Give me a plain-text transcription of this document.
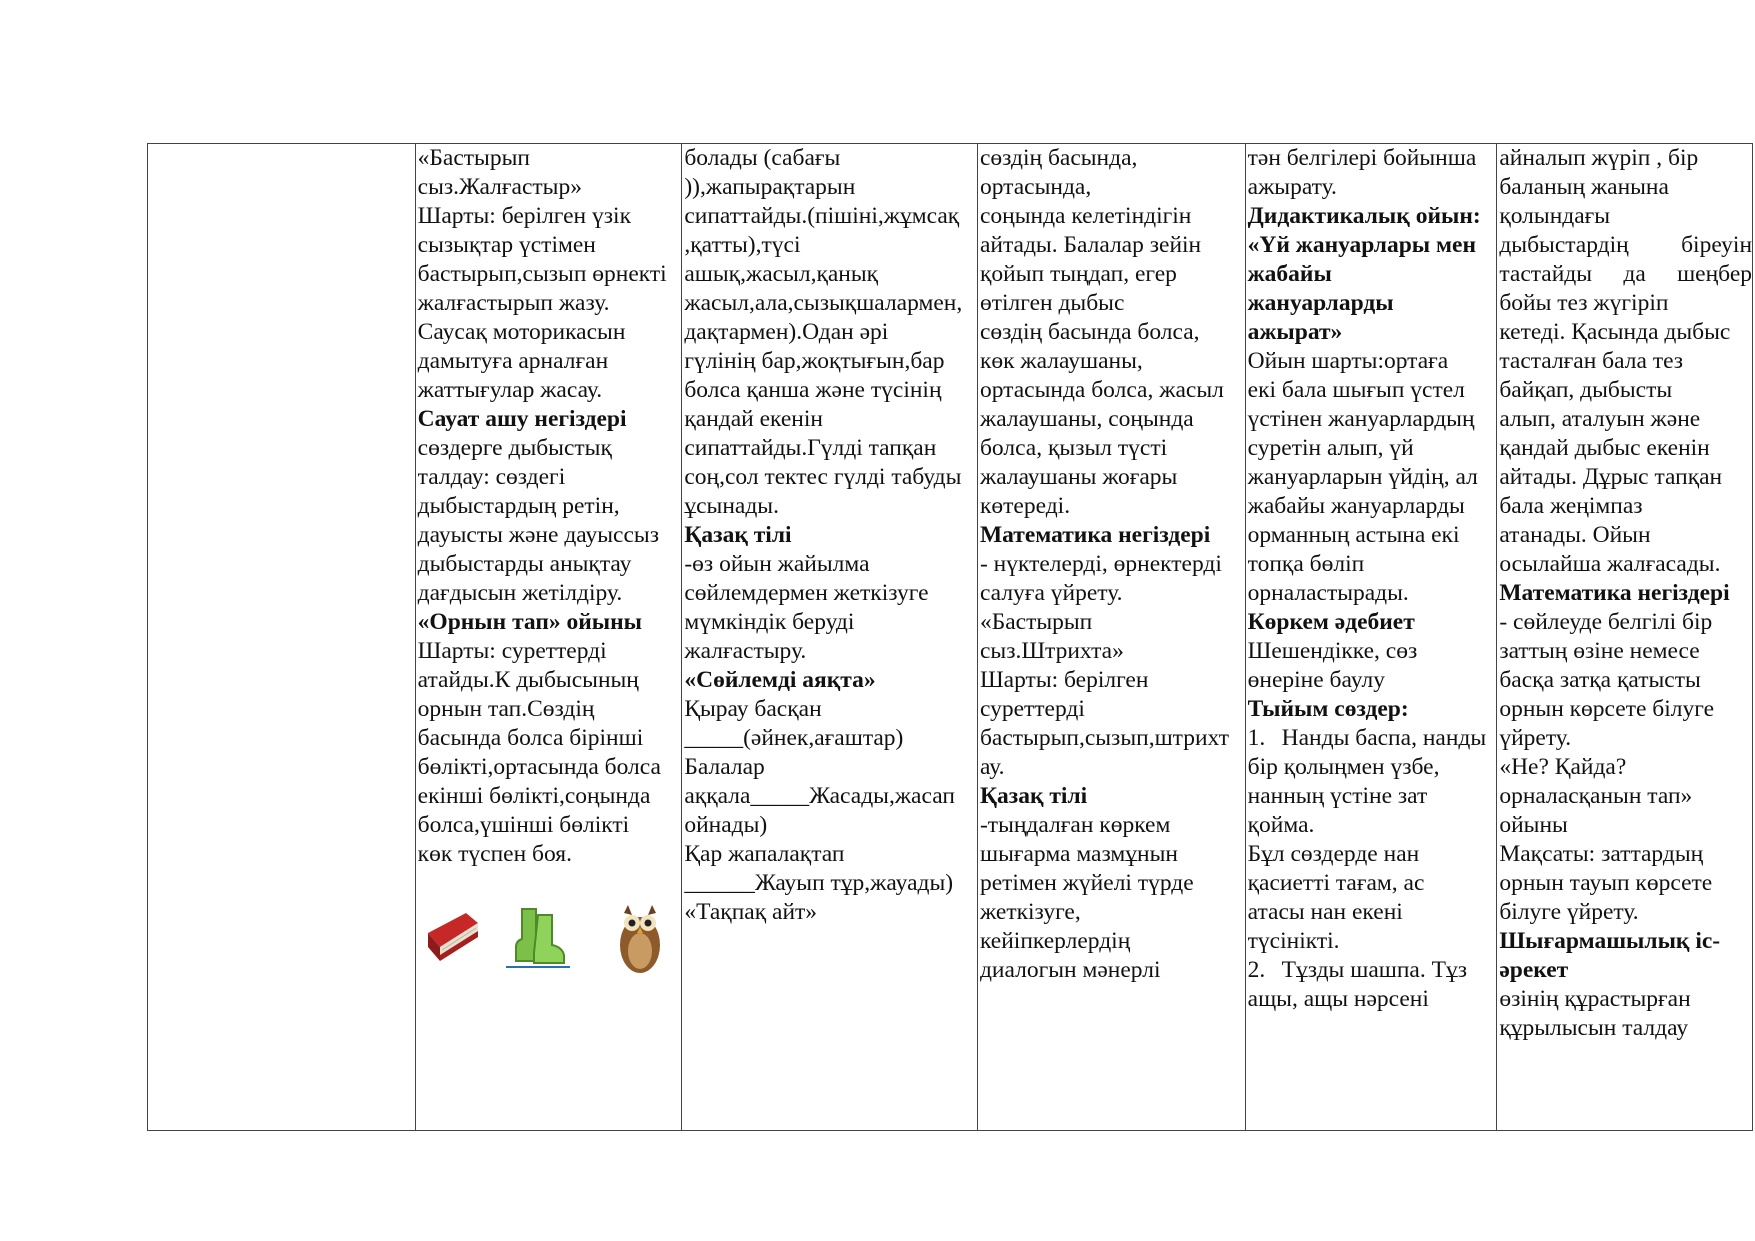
«Бастырып
сыз.Жалғастыр»
Шарты: берілген үзік
сызықтар үстімен
бастырып,сызып өрнекті
жалғастырып жазу.
Саусақ моторикасын
дамытуға арналған
жаттығулар жасау.
Сауат ашу негіздері
сөздерге дыбыстық
талдау: сөздегі
дыбыстардың ретін,
дауысты және дауыссыз
дыбыстарды анықтау
дағдысын жетілдіру.
«Орнын тап» ойыны
Шарты: суреттерді
атайды.К дыбысының
орнын тап.Сөздің
басында болса бірінші
бөлікті,ортасында болса
екінші бөлікті,соңында
болса,үшінші бөлікті
көк түспен боя.
болады (сабағы
)),жапырақтарын
сипаттайды.(пішіні,жұмсақ
,қатты),түсі
ашық,жасыл,қанық
жасыл,ала,сызықшалармен,
дақтармен).Одан әрі
гүлінің бар,жоқтығын,бар
болса қанша және түсінің
қандай екенін
сипаттайды.Гүлді тапқан
соң,сол тектес гүлді табуды
ұсынады.
Қазақ тілі
-өз ойын жайылма
сөйлемдермен жеткізуге
мүмкіндік беруді
жалғастыру.
«Сөйлемді аяқта»
Қырау басқан
_____(әйнек,ағаштар)
Балалар
аққала_____Жасады,жасап
ойнады)
Қар жапалақтап
______Жауып тұр,жауады)
«Тақпақ айт»
сөздің басында,
ортасында,
соңында келетіндігін
айтады. Балалар зейін
қойып тыңдап, егер
өтілген дыбыс
сөздің басында болса,
көк жалаушаны,
ортасында болса, жасыл
жалаушаны, соңында
болса, қызыл түсті
жалаушаны жоғары
көтереді.
Математика негіздері
- нүктелерді, өрнектерді
салуға үйрету.
«Бастырып
сыз.Штрихта»
Шарты: берілген
суреттерді
бастырып,сызып,штрихт
ау.
Қазақ тілі
-тыңдалған көркем
шығарма мазмұнын
ретімен жүйелі түрде
жеткізуге,
кейіпкерлердің
диалогын мәнерлі
тән белгілері бойынша
ажырату.
Дидактикалық ойын:
«Үй жануарлары мен
жабайы
жануарларды
ажырат»
Ойын шарты:ортаға
екі бала шығып үстел
үстінен жануарлардың
суретін алып, үй
жануарларын үйдің, ал
жабайы жануарларды
орманның астына екі
топқа бөліп
орналастырады.
Көркем әдебиет
Шешендікке, сөз
өнеріне баулу
Тыйым сөздер:
1. Нанды баспа, нанды
бір қолыңмен үзбе,
нанның үстіне зат
қойма.
Бұл сөздерде нан
қасиетті тағам, ас
атасы нан екені
түсінікті.
2. Тұзды шашпа. Тұз
ащы, ащы нәрсені
айналып жүріп , бір
баланың жанына
қолындағы
дыбыстардің біреуін
тастайды да шеңбер
бойы тез жүгіріп
кетеді. Қасында дыбыс
тасталған бала тез
байқап, дыбысты
алып, аталуын және
қандай дыбыс екенін
айтады. Дұрыс тапқан
бала жеңімпаз
атанады. Ойын
осылайша жалғасады.
Математика негіздері
- сөйлеуде белгілі бір
заттың өзіне немесе
басқа затқа қатысты
орнын көрсете білуге
үйрету.
«Не? Қайда?
орналасқанын тап»
ойыны
Мақсаты: заттардың
орнын тауып көрсете
білуге үйрету.
Шығармашылық іс-
әрекет
өзінің құрастырған
құрылысын талдау
